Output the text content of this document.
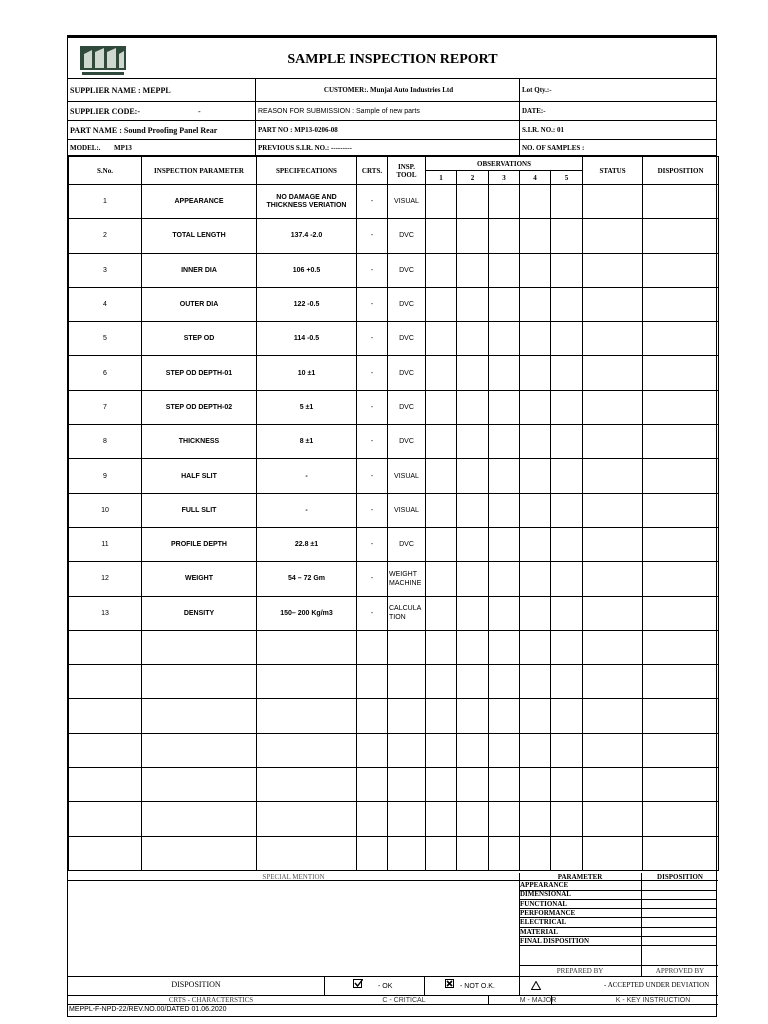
SAMPLE INSPECTION REPORT
SUPPLIER NAME : MEPPL	CUSTOMER:. Munjal Auto Industries Ltd	Lot Qty.:-
SUPPLIER CODE:-	-	REASON FOR SUBMISSION : Sample of new parts	DATE:-
PART NAME : Sound Proofing Panel Rear	PART NO : MP13-0206-08	S.I.R. NO.: 01
MODEL:. MP13	PREVIOUS S.I.R. NO.: ---------	NO. OF SAMPLES :
S.No.	INSPECTION PARAMETER	SPECIFECATIONS	CRTS.	INSP. TOOL	OBSERVATIONS					STATUS	DISPOSITION
					1	2	3	4	5		
1	APPEARANCE	NO DAMAGE AND THICKNESS VERIATION	-	VISUAL							
2	TOTAL LENGTH	137.4 -2.0	-	DVC							
3	INNER DIA	106 +0.5	-	DVC							
4	OUTER DIA	122 -0.5	-	DVC							
5	STEP OD	114 -0.5	-	DVC							
6	STEP OD DEPTH-01	10 ±1	-	DVC							
7	STEP OD DEPTH-02	5 ±1	-	DVC							
8	THICKNESS	8 ±1	-	DVC							
9	HALF SLIT	-	-	VISUAL							
10	FULL SLIT	-	-	VISUAL							
11	PROFILE DEPTH	22.8 ±1	-	DVC							
12	WEIGHT	54 – 72 Gm	-	WEIGHT MACHINE							
13	DENSITY	150– 200 Kg/m3	-	CALCULA TION							

SPECIAL MENTION	PARAMETER	DISPOSITION
APPEARANCE
DIMENSIONAL
FUNCTIONAL
PERFORMANCE
ELECTRICAL
MATERIAL
FINAL DISPOSITION
PREPARED BY	APPROVED BY
DISPOSITION	- OK	- NOT O.K.	- ACCEPTED UNDER DEVIATION
CRTS - CHARACTERSTICS	C - CRITICAL	M - MAJOR	K - KEY INSTRUCTION
MEPPL-F-NPD-22/REV.NO.00/DATED 01.06.2020
